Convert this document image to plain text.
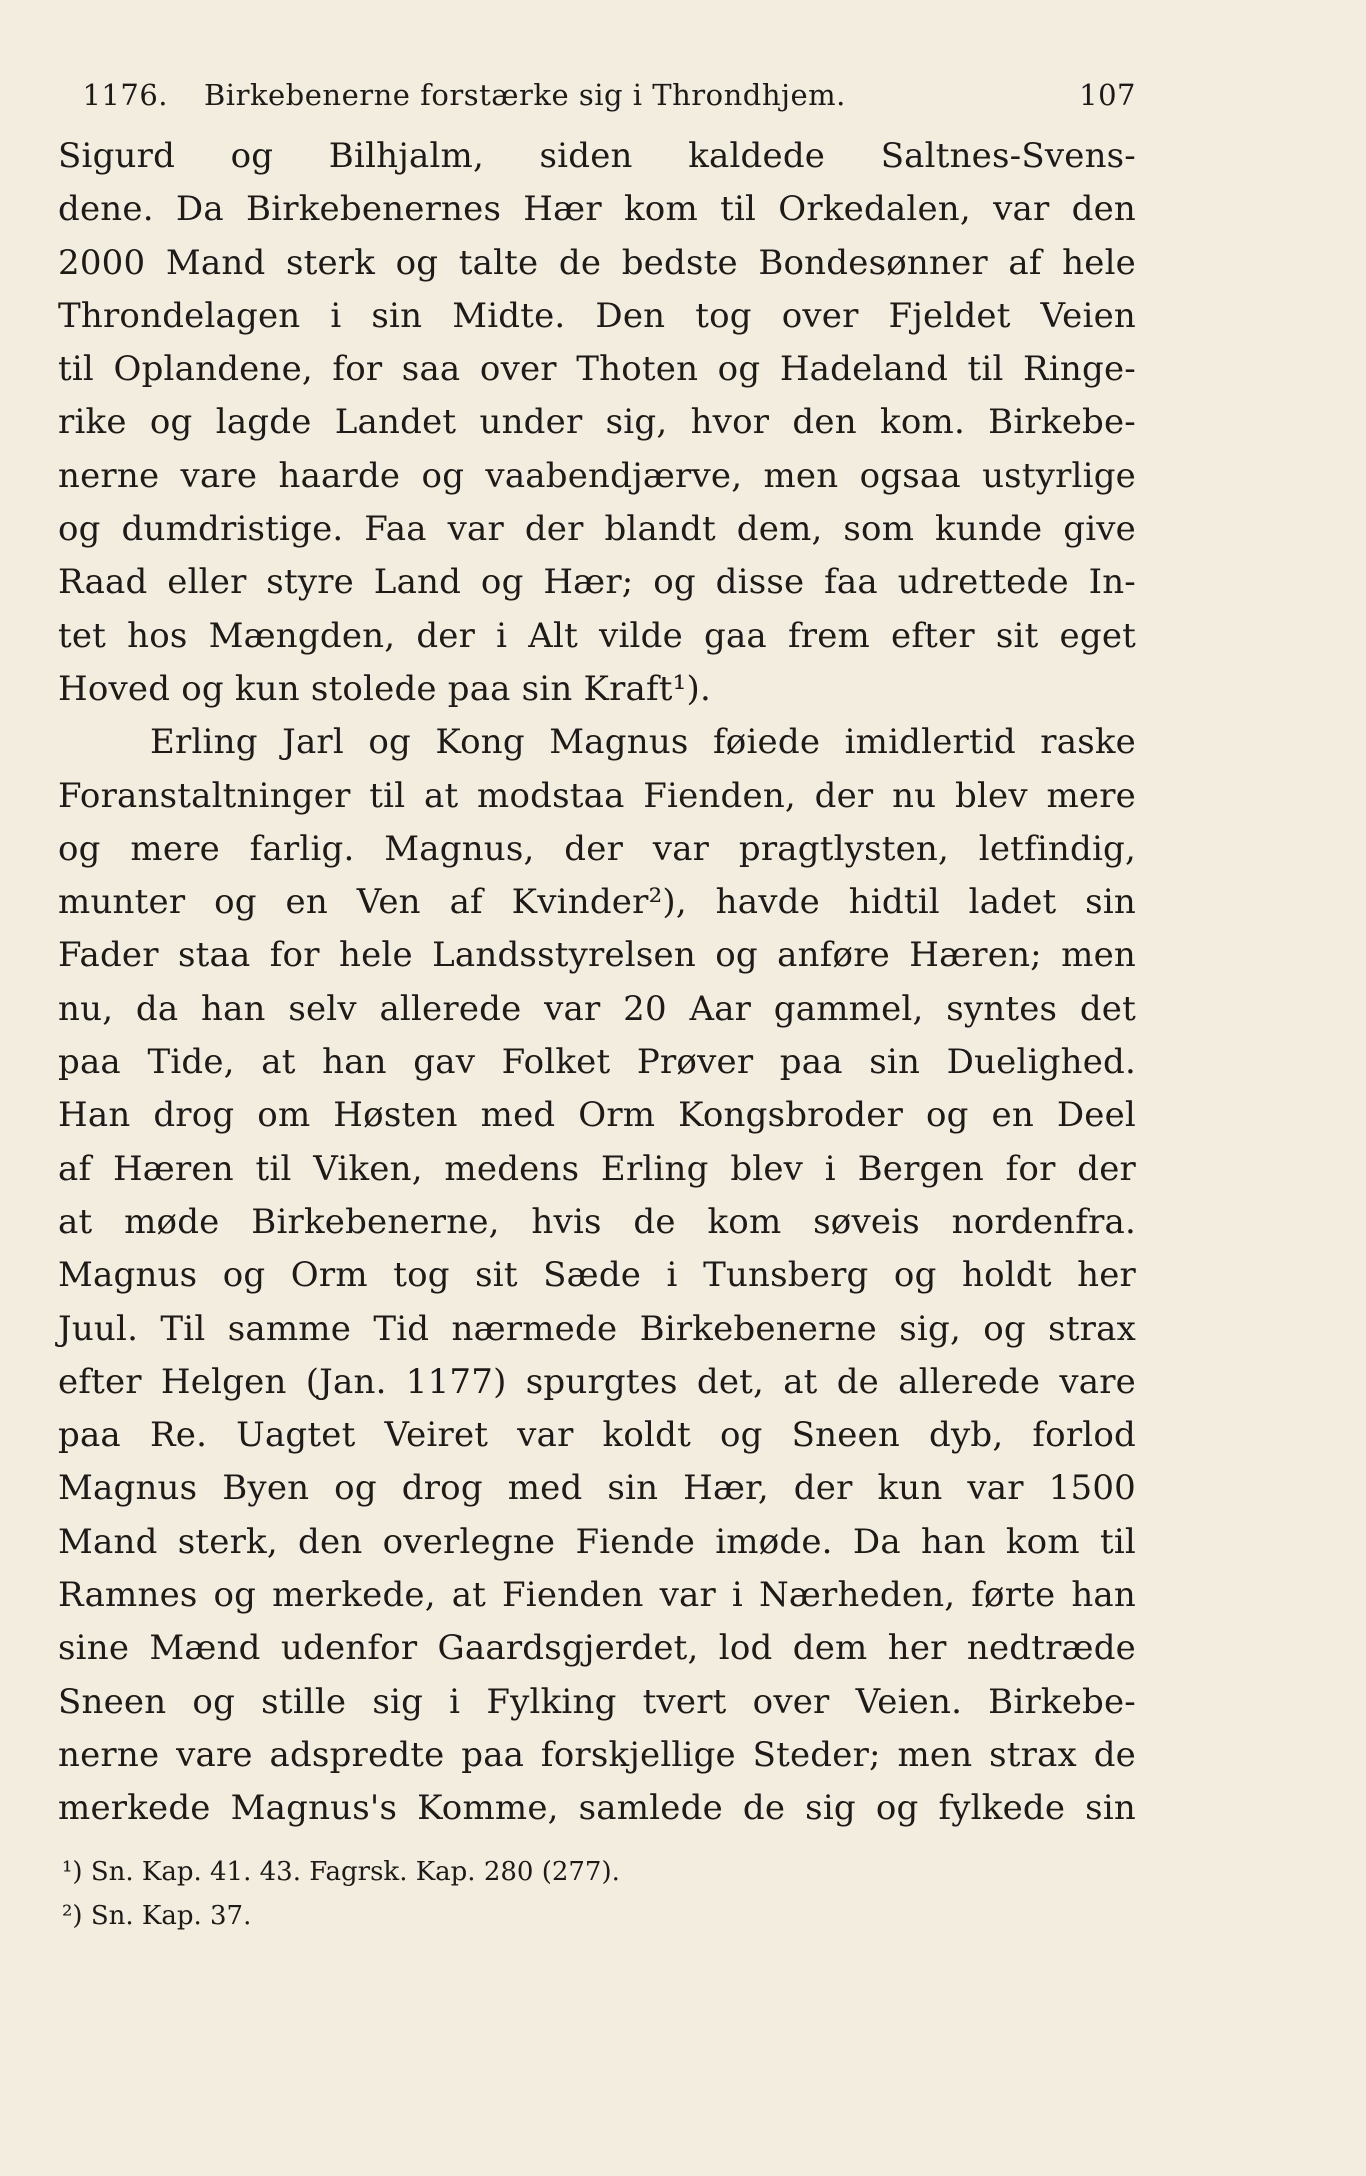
1176.	Birkebenerne forstærke sig i Throndhjem.	107
Sigurd og Bilhjalm, siden kaldede Saltnes-Svens-
dene. Da Birkebenernes Hær kom til Orkedalen, var den
2000 Mand sterk og talte de bedste Bondesønner af hele
Throndelagen i sin Midte. Den tog over Fjeldet Veien
til Oplandene, for saa over Thoten og Hadeland til Ringe-
rike og lagde Landet under sig, hvor den kom. Birkebe-
nerne vare haarde og vaabendjærve, men ogsaa ustyrlige
og dumdristige. Faa var der blandt dem, som kunde give
Raad eller styre Land og Hær; og disse faa udrettede In-
tet hos Mængden, der i Alt vilde gaa frem efter sit eget
Hoved og kun stolede paa sin Kraft¹).
Erling Jarl og Kong Magnus føiede imidlertid raske
Foranstaltninger til at modstaa Fienden, der nu blev mere
og mere farlig. Magnus, der var pragtlysten, letfindig,
munter og en Ven af Kvinder²), havde hidtil ladet sin
Fader staa for hele Landsstyrelsen og anføre Hæren; men
nu, da han selv allerede var 20 Aar gammel, syntes det
paa Tide, at han gav Folket Prøver paa sin Duelighed.
Han drog om Høsten med Orm Kongsbroder og en Deel
af Hæren til Viken, medens Erling blev i Bergen for der
at møde Birkebenerne, hvis de kom søveis nordenfra.
Magnus og Orm tog sit Sæde i Tunsberg og holdt her
Juul. Til samme Tid nærmede Birkebenerne sig, og strax
efter Helgen (Jan. 1177) spurgtes det, at de allerede vare
paa Re. Uagtet Veiret var koldt og Sneen dyb, forlod
Magnus Byen og drog med sin Hær, der kun var 1500
Mand sterk, den overlegne Fiende imøde. Da han kom til
Ramnes og merkede, at Fienden var i Nærheden, førte han
sine Mænd udenfor Gaardsgjerdet, lod dem her nedtræde
Sneen og stille sig i Fylking tvert over Veien. Birkebe-
nerne vare adspredte paa forskjellige Steder; men strax de
merkede Magnus's Komme, samlede de sig og fylkede sin
¹) Sn. Kap. 41. 43. Fagrsk. Kap. 280 (277).
²) Sn. Kap. 37.
